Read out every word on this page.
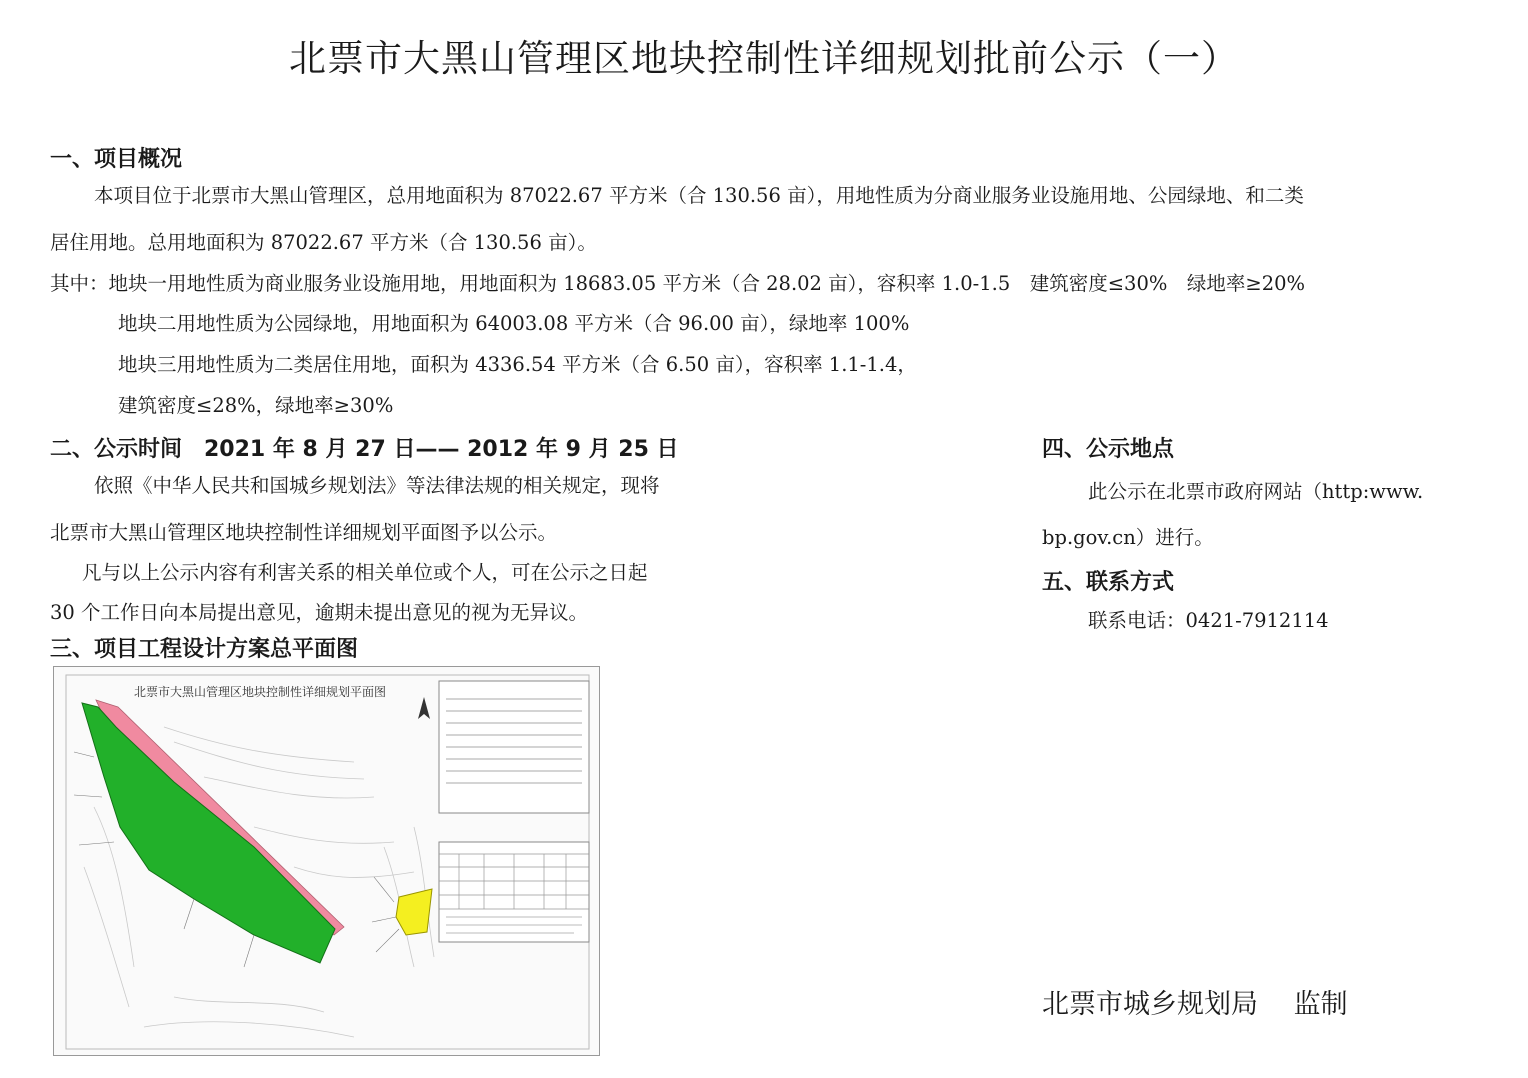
北票市大黑山管理区地块控制性详细规划批前公示（一）
一、项目概况
本项目位于北票市大黑山管理区，总用地面积为 87022.67 平方米（合 130.56 亩），用地性质为分商业服务业设施用地、公园绿地、和二类
居住用地。总用地面积为 87022.67 平方米（合 130.56 亩）。
其中：地块一用地性质为商业服务业设施用地，用地面积为 18683.05 平方米（合 28.02 亩），容积率 1.0-1.5　建筑密度≤30%　绿地率≥20%
地块二用地性质为公园绿地，用地面积为 64003.08 平方米（合 96.00 亩），绿地率 100%
地块三用地性质为二类居住用地，面积为 4336.54 平方米（合 6.50 亩），容积率 1.1-1.4，
建筑密度≤28%，绿地率≥30%
二、公示时间　2021 年 8 月 27 日—— 2012 年 9 月 25 日
依照《中华人民共和国城乡规划法》等法律法规的相关规定，现将
北票市大黑山管理区地块控制性详细规划平面图予以公示。
凡与以上公示内容有利害关系的相关单位或个人，可在公示之日起
30 个工作日向本局提出意见，逾期未提出意见的视为无异议。
三、项目工程设计方案总平面图
北票市大黑山管理区地块控制性详细规划平面图
四、公示地点
此公示在北票市政府网站（http:www.
bp.gov.cn）进行。
五、联系方式
联系电话：0421-7912114
北票市城乡规划局　 监制
